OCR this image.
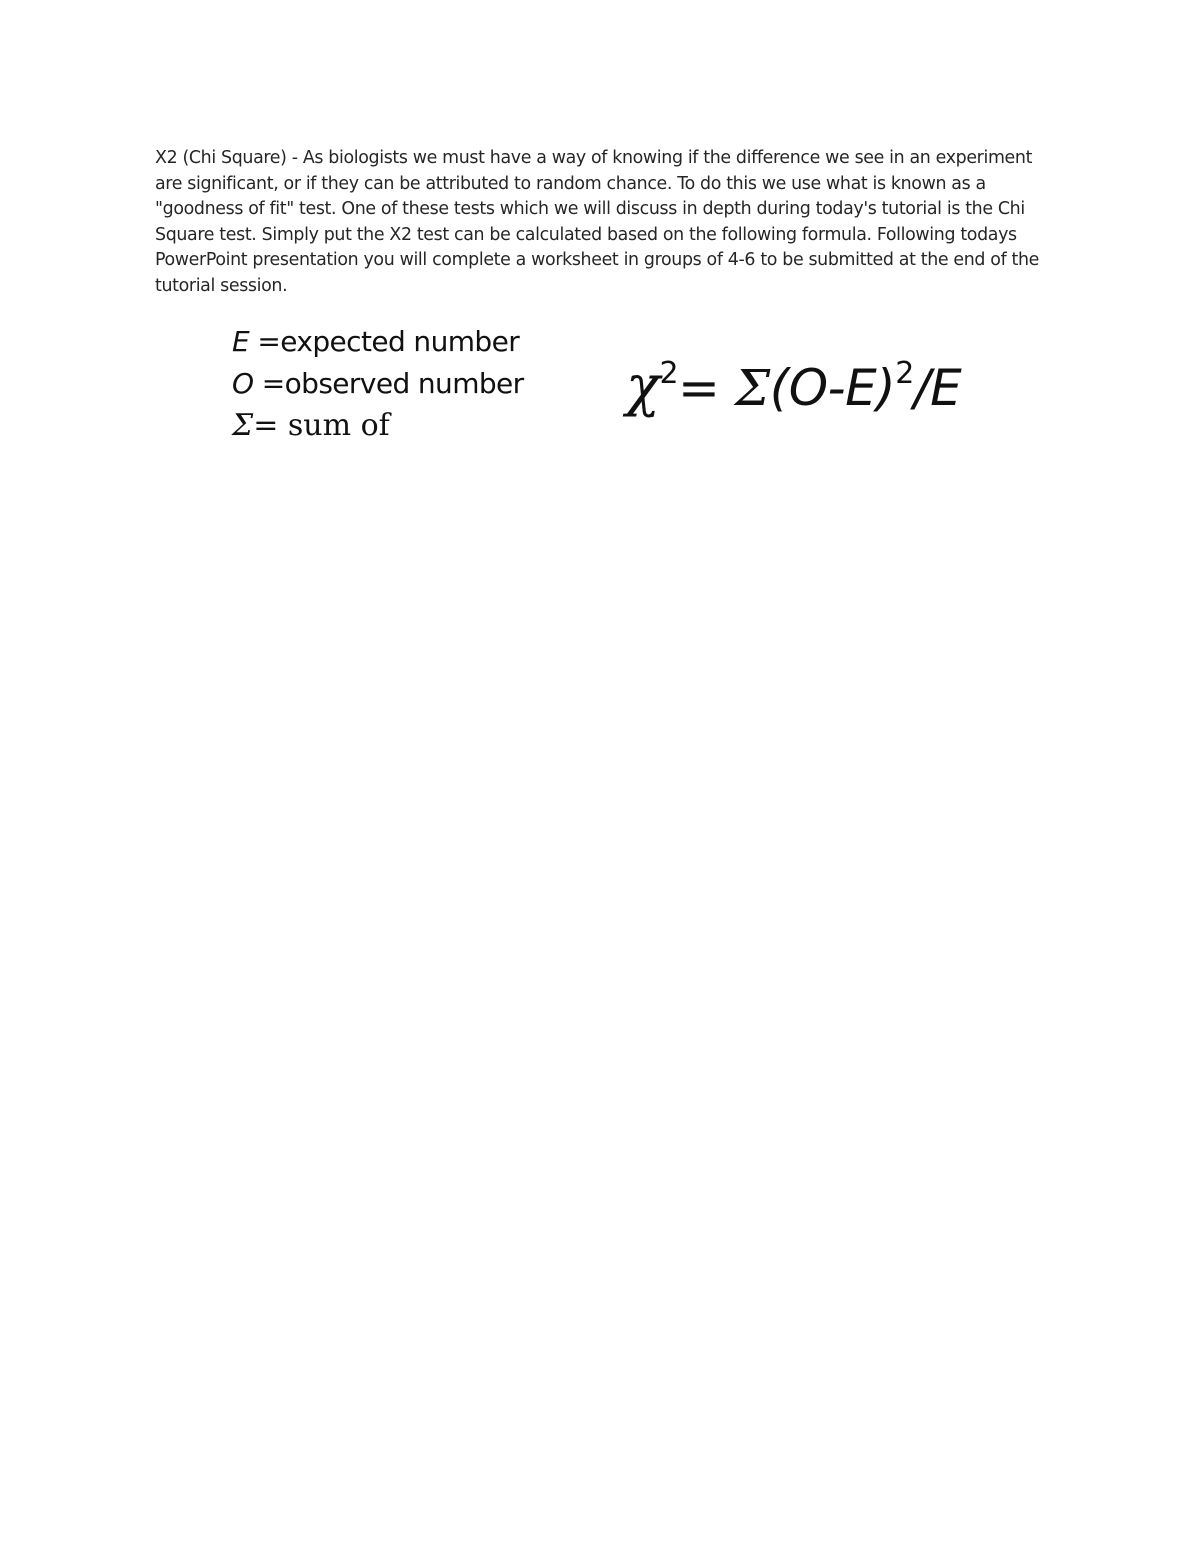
X2 (Chi Square) - As biologists we must have a way of knowing if the difference we see in an experiment are significant, or if they can be attributed to random chance. To do this we use what is known as a "goodness of fit" test. One of these tests which we will discuss in depth during today's tutorial is the Chi Square test. Simply put the X2 test can be calculated based on the following formula. Following todays PowerPoint presentation you will complete a worksheet in groups of 4-6 to be submitted at the end of the tutorial session.

E =expected number
O =observed number
Σ= sum of
$\chi^2= \Sigma(O-E)^2/E$
